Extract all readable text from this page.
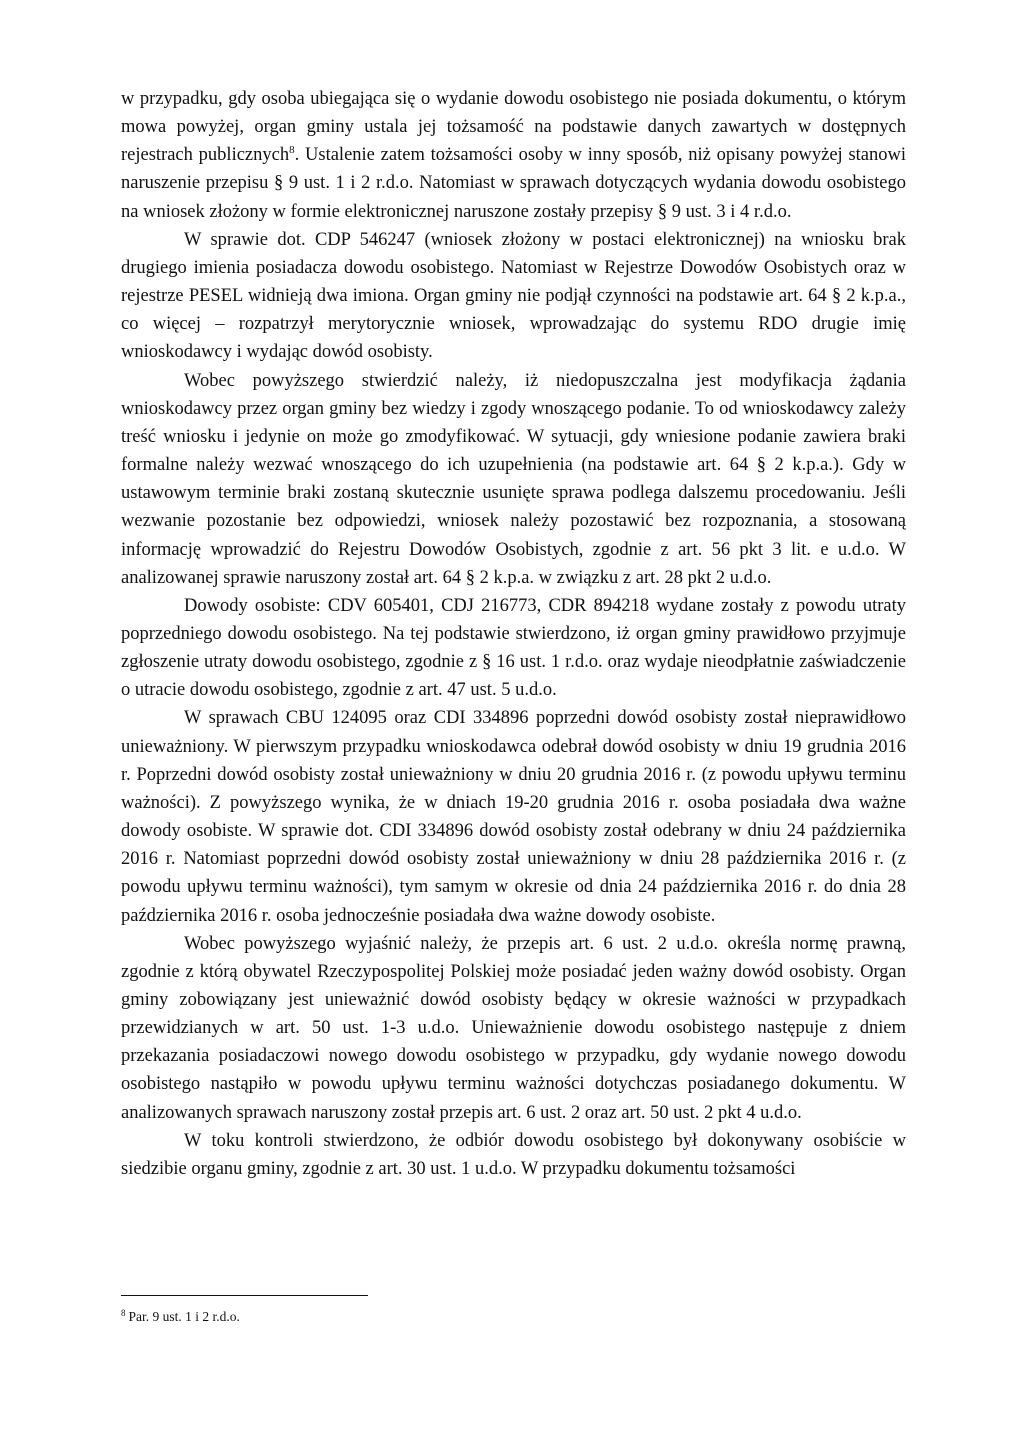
w przypadku, gdy osoba ubiegająca się o wydanie dowodu osobistego nie posiada dokumentu, o którym mowa powyżej, organ gminy ustala jej tożsamość na podstawie danych zawartych w dostępnych rejestrach publicznych$^8$. Ustalenie zatem tożsamości osoby w inny sposób, niż opisany powyżej stanowi naruszenie przepisu § 9 ust. 1 i 2 r.d.o. Natomiast w sprawach dotyczących wydania dowodu osobistego na wniosek złożony w formie elektronicznej naruszone zostały przepisy § 9 ust. 3 i 4 r.d.o.

W sprawie dot. CDP 546247 (wniosek złożony w postaci elektronicznej) na wniosku brak drugiego imienia posiadacza dowodu osobistego. Natomiast w Rejestrze Dowodów Osobistych oraz w rejestrze PESEL widnieją dwa imiona. Organ gminy nie podjął czynności na podstawie art. 64 § 2 k.p.a., co więcej – rozpatrzył merytorycznie wniosek, wprowadzając do systemu RDO drugie imię wnioskodawcy i wydając dowód osobisty.

Wobec powyższego stwierdzić należy, iż niedopuszczalna jest modyfikacja żądania wnioskodawcy przez organ gminy bez wiedzy i zgody wnoszącego podanie. To od wnioskodawcy zależy treść wniosku i jedynie on może go zmodyfikować. W sytuacji, gdy wniesione podanie zawiera braki formalne należy wezwać wnoszącego do ich uzupełnienia (na podstawie art. 64 § 2 k.p.a.). Gdy w ustawowym terminie braki zostaną skutecznie usunięte sprawa podlega dalszemu procedowaniu. Jeśli wezwanie pozostanie bez odpowiedzi, wniosek należy pozostawić bez rozpoznania, a stosowaną informację wprowadzić do Rejestru Dowodów Osobistych, zgodnie z art. 56 pkt 3 lit. e u.d.o. W analizowanej sprawie naruszony został art. 64 § 2 k.p.a. w związku z art. 28 pkt 2 u.d.o.

Dowody osobiste: CDV 605401, CDJ 216773, CDR 894218 wydane zostały z powodu utraty poprzedniego dowodu osobistego. Na tej podstawie stwierdzono, iż organ gminy prawidłowo przyjmuje zgłoszenie utraty dowodu osobistego, zgodnie z § 16 ust. 1 r.d.o. oraz wydaje nieodpłatnie zaświadczenie o utracie dowodu osobistego, zgodnie z art. 47 ust. 5 u.d.o.

W sprawach CBU 124095 oraz CDI 334896 poprzedni dowód osobisty został nieprawidłowo unieważniony. W pierwszym przypadku wnioskodawca odebrał dowód osobisty w dniu 19 grudnia 2016 r. Poprzedni dowód osobisty został unieważniony w dniu 20 grudnia 2016 r. (z powodu upływu terminu ważności). Z powyższego wynika, że w dniach 19-20 grudnia 2016 r. osoba posiadała dwa ważne dowody osobiste. W sprawie dot. CDI 334896 dowód osobisty został odebrany w dniu 24 października 2016 r. Natomiast poprzedni dowód osobisty został unieważniony w dniu 28 października 2016 r. (z powodu upływu terminu ważności), tym samym w okresie od dnia 24 października 2016 r. do dnia 28 października 2016 r. osoba jednocześnie posiadała dwa ważne dowody osobiste.

Wobec powyższego wyjaśnić należy, że przepis art. 6 ust. 2 u.d.o. określa normę prawną, zgodnie z którą obywatel Rzeczypospolitej Polskiej może posiadać jeden ważny dowód osobisty. Organ gminy zobowiązany jest unieważnić dowód osobisty będący w okresie ważności w przypadkach przewidzianych w art. 50 ust. 1-3 u.d.o. Unieważnienie dowodu osobistego następuje z dniem przekazania posiadaczowi nowego dowodu osobistego w przypadku, gdy wydanie nowego dowodu osobistego nastąpiło w powodu upływu terminu ważności dotychczas posiadanego dokumentu. W analizowanych sprawach naruszony został przepis art. 6 ust. 2 oraz art. 50 ust. 2 pkt 4 u.d.o.

W toku kontroli stwierdzono, że odbiór dowodu osobistego był dokonywany osobiście w siedzibie organu gminy, zgodnie z art. 30 ust. 1 u.d.o. W przypadku dokumentu tożsamości

$^8$ Par. 9 ust. 1 i 2 r.d.o.
